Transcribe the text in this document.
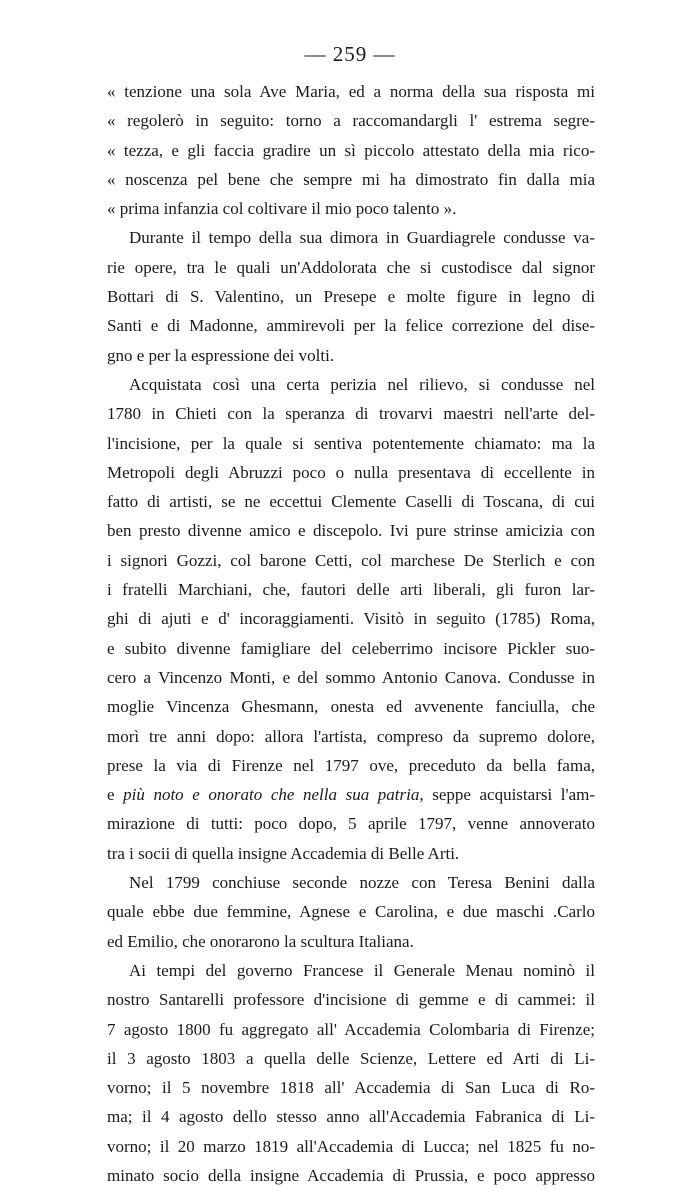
— 259 —
« tenzione una sola Ave Maria, ed a norma della sua risposta mi
« regolerò in seguito: torno a raccomandargli l' estrema segre-
« tezza, e gli faccia gradire un sì piccolo attestato della mia rico-
« noscenza pel bene che sempre mi ha dimostrato fin dalla mia
« prima infanzia col coltivare il mio poco talento ».
Durante il tempo della sua dimora in Guardiagrele condusse va-
rie opere, tra le quali un'Addolorata che si custodisce dal signor
Bottari di S. Valentino, un Presepe e molte figure in legno di
Santi e di Madonne, ammirevoli per la felice correzione del dise-
gno e per la espressione dei volti.
Acquistata così una certa perizia nel rilievo, si condusse nel
1780 in Chieti con la speranza di trovarvi maestri nell'arte del-
l'incisione, per la quale si sentiva potentemente chiamato: ma la
Metropoli degli Abruzzi poco o nulla presentava di eccellente in
fatto di artisti, se ne eccettui Clemente Caselli di Toscana, di cui
ben presto divenne amico e discepolo. Ivi pure strinse amicizia con
i signori Gozzi, col barone Cetti, col marchese De Sterlich e con
i fratelli Marchiani, che, fautori delle arti liberali, gli furon lar-
ghi di ajuti e d' incoraggiamenti. Visitò in seguito (1785) Roma,
e subito divenne famigliare del celeberrimo incisore Pickler suo-
cero a Vincenzo Monti, e del sommo Antonio Canova. Condusse in
moglie Vincenza Ghesmann, onesta ed avvenente fanciulla, che
morì tre anni dopo: allora l'artista, compreso da supremo dolore,
prese la via di Firenze nel 1797 ove, preceduto da bella fama,
e più noto e onorato che nella sua patria, seppe acquistarsi l'am-
mirazione di tutti: poco dopo, 5 aprile 1797, venne annoverato
tra i socii di quella insigne Accademia di Belle Arti.
Nel 1799 conchiuse seconde nozze con Teresa Benini dalla
quale ebbe due femmine, Agnese e Carolina, e due maschi .Carlo
ed Emilio, che onorarono la scultura Italiana.
Ai tempi del governo Francese il Generale Menau nominò il
nostro Santarelli professore d'incisione di gemme e di cammei: il
7 agosto 1800 fu aggregato all' Accademia Colombaria di Firenze;
il 3 agosto 1803 a quella delle Scienze, Lettere ed Arti di Li-
vorno; il 5 novembre 1818 all' Accademia di San Luca di Ro-
ma; il 4 agosto dello stesso anno all'Accademia Fabranica di Li-
vorno; il 20 marzo 1819 all'Accademia di Lucca; nel 1825 fu no-
minato socio della insigne Accademia di Prussia, e poco appresso
